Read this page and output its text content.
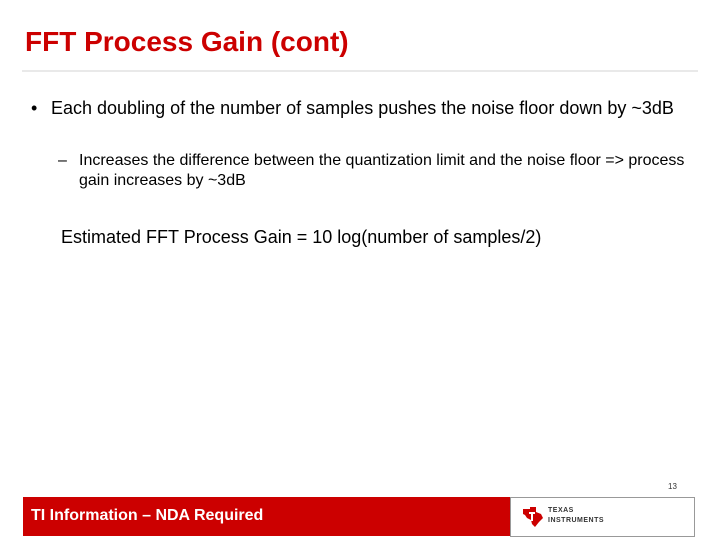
FFT Process Gain (cont)
• Each doubling of the number of samples pushes the noise floor down by ~3dB
– Increases the difference between the quantization limit and the noise floor => process gain increases by ~3dB
Estimated FFT Process Gain = 10 log(number of samples/2)
13
TI Information – NDA Required	TEXAS
INSTRUMENTS
